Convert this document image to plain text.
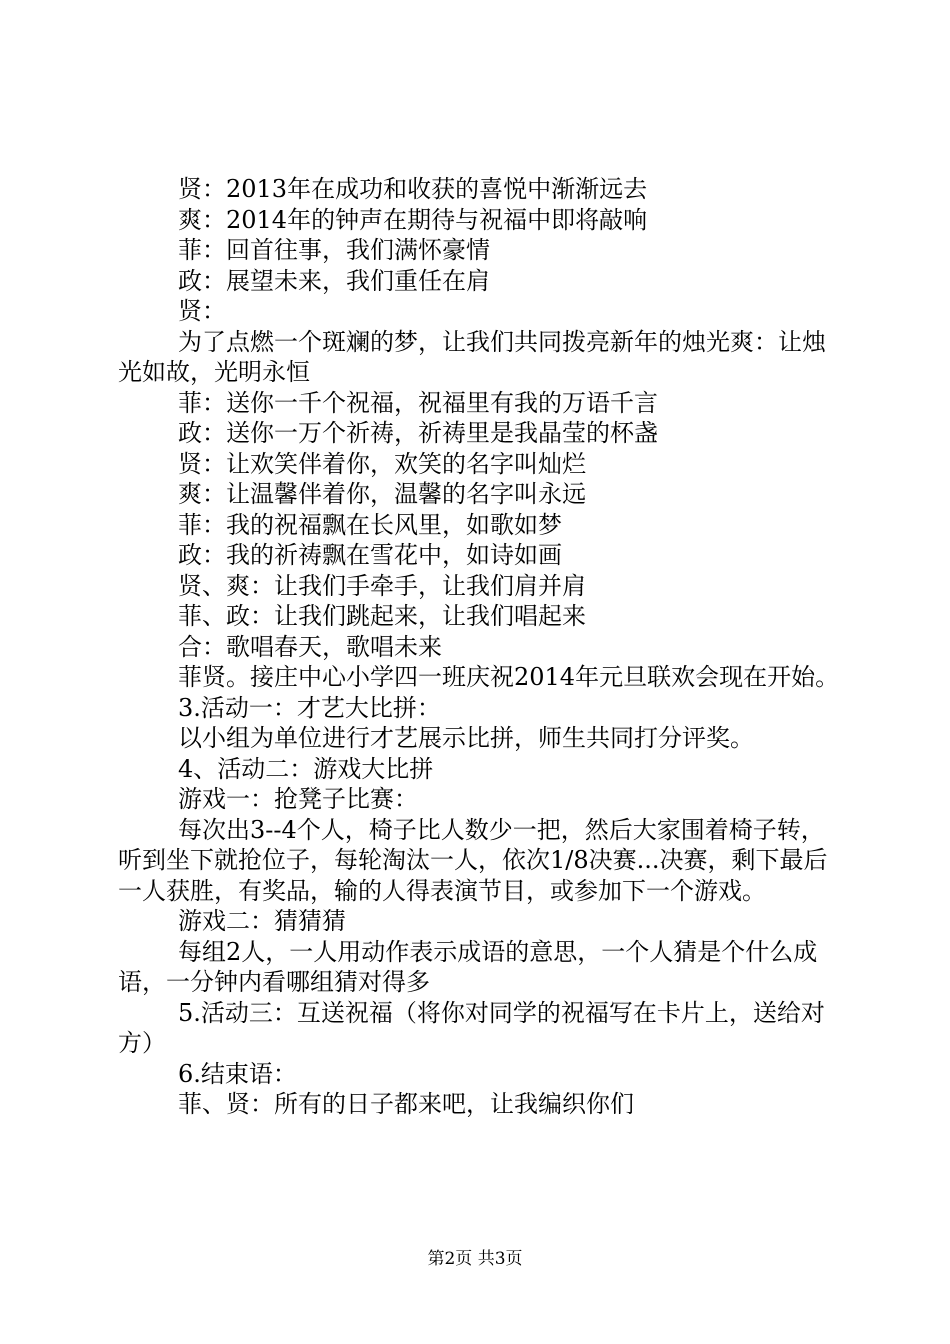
贤：2013年在成功和收获的喜悦中渐渐远去

爽：2014年的钟声在期待与祝福中即将敲响

菲：回首往事，我们满怀豪情

政：展望未来，我们重任在肩

贤：

为了点燃一个斑斓的梦，让我们共同拨亮新年的烛光爽：让烛光如故，光明永恒

菲：送你一千个祝福，祝福里有我的万语千言

政：送你一万个祈祷，祈祷里是我晶莹的杯盏

贤：让欢笑伴着你，欢笑的名字叫灿烂

爽：让温馨伴着你，温馨的名字叫永远

菲：我的祝福飘在长风里，如歌如梦

政：我的祈祷飘在雪花中，如诗如画

贤、爽：让我们手牵手，让我们肩并肩

菲、政：让我们跳起来，让我们唱起来

合：歌唱春天，歌唱未来

菲贤。接庄中心小学四一班庆祝2014年元旦联欢会现在开始。

3.活动一：才艺大比拼：

以小组为单位进行才艺展示比拼，师生共同打分评奖。

4、活动二：游戏大比拼

游戏一：抢凳子比赛：

每次出3--4个人，椅子比人数少一把，然后大家围着椅子转，听到坐下就抢位子，每轮淘汰一人，依次1/8决赛...决赛，剩下最后一人获胜，有奖品，输的人得表演节目，或参加下一个游戏。

游戏二：猜猜猜

每组2人，一人用动作表示成语的意思，一个人猜是个什么成语，一分钟内看哪组猜对得多

5.活动三：互送祝福（将你对同学的祝福写在卡片上，送给对方）

6.结束语：

菲、贤：所有的日子都来吧，让我编织你们

第2页 共3页
